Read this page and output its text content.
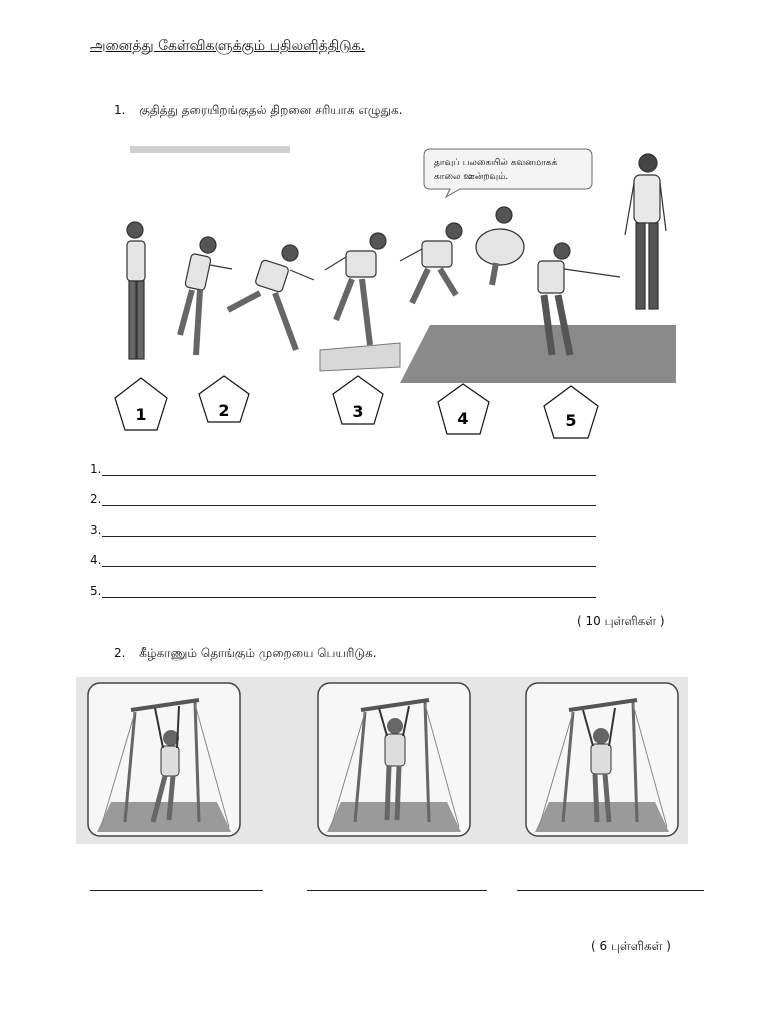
அனைத்து கேள்விகளுக்கும் பதிலளித்திடுக.
1. குதித்து தரையிறங்குதல் திறனை சரியாக எழுதுக.
தாவுப் பலகையில் கவனமாகக்
காலை ஊன்றவும்.
1	2	3	4	5
1.
2.
3.
4.
5.
( 10 புள்ளிகள் )
2. கீழ்காணும் தொங்கும் முறையை பெயரிடுக.
( 6 புள்ளிகள் )
